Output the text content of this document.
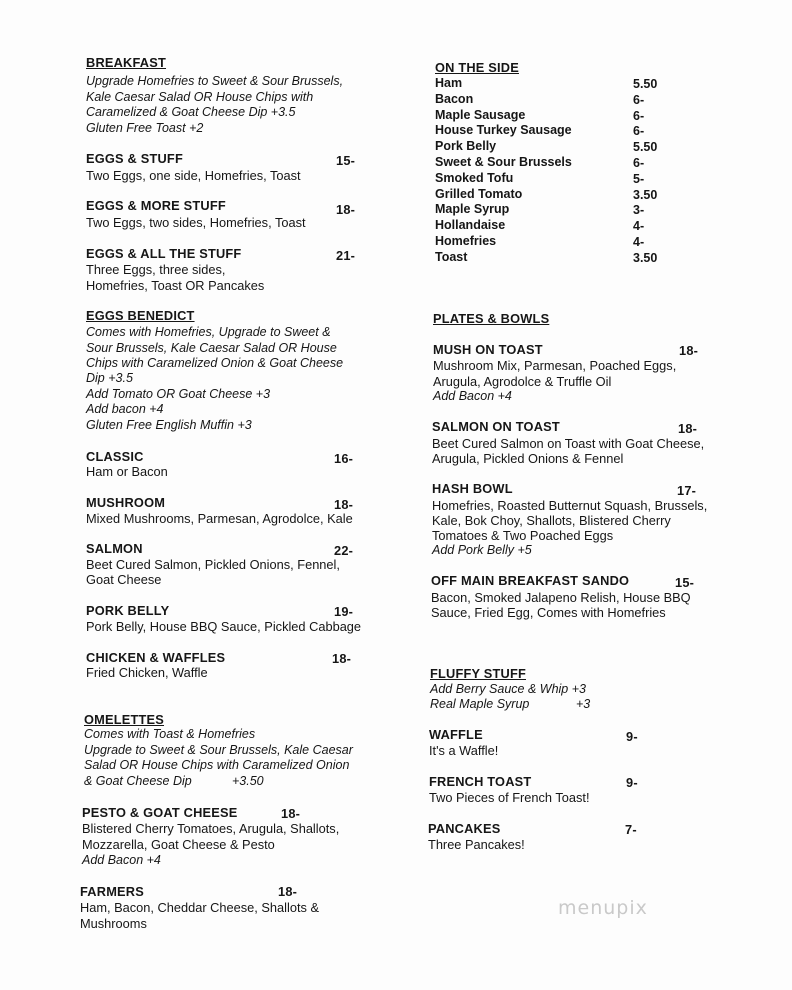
BREAKFAST
Upgrade Homefries to Sweet & Sour Brussels,
Kale Caesar Salad OR House Chips with
Caramelized & Goat Cheese Dip +3.5
Gluten Free Toast +2
EGGS & STUFF	15-
Two Eggs, one side, Homefries, Toast
EGGS & MORE STUFF	18-
Two Eggs, two sides, Homefries, Toast
EGGS & ALL THE STUFF	21-
Three Eggs, three sides,
Homefries, Toast OR Pancakes
EGGS BENEDICT
Comes with Homefries, Upgrade to Sweet &
Sour Brussels, Kale Caesar Salad OR House
Chips with Caramelized Onion & Goat Cheese
Dip +3.5
Add Tomato OR Goat Cheese +3
Add bacon +4
Gluten Free English Muffin +3
CLASSIC	16-
Ham or Bacon
MUSHROOM	18-
Mixed Mushrooms, Parmesan, Agrodolce, Kale
SALMON	22-
Beet Cured Salmon, Pickled Onions, Fennel,
Goat Cheese
PORK BELLY	19-
Pork Belly, House BBQ Sauce, Pickled Cabbage
CHICKEN & WAFFLES	18-
Fried Chicken, Waffle
OMELETTES
Comes with Toast & Homefries
Upgrade to Sweet & Sour Brussels, Kale Caesar
Salad OR House Chips with Caramelized Onion
& Goat Cheese Dip	+3.50
PESTO & GOAT CHEESE	18-
Blistered Cherry Tomatoes, Arugula, Shallots,
Mozzarella, Goat Cheese & Pesto
Add Bacon +4
FARMERS	18-
Ham, Bacon, Cheddar Cheese, Shallots &
Mushrooms
ON THE SIDE
Ham	5.50
Bacon	6-
Maple Sausage	6-
House Turkey Sausage	6-
Pork Belly	5.50
Sweet & Sour Brussels	6-
Smoked Tofu	5-
Grilled Tomato	3.50
Maple Syrup	3-
Hollandaise	4-
Homefries	4-
Toast	3.50
PLATES & BOWLS
MUSH ON TOAST	18-
Mushroom Mix, Parmesan, Poached Eggs,
Arugula, Agrodolce & Truffle Oil
Add Bacon +4
SALMON ON TOAST	18-
Beet Cured Salmon on Toast with Goat Cheese,
Arugula, Pickled Onions & Fennel
HASH BOWL	17-
Homefries, Roasted Butternut Squash, Brussels,
Kale, Bok Choy, Shallots, Blistered Cherry
Tomatoes & Two Poached Eggs
Add Pork Belly +5
OFF MAIN BREAKFAST SANDO	15-
Bacon, Smoked Jalapeno Relish, House BBQ
Sauce, Fried Egg, Comes with Homefries
FLUFFY STUFF
Add Berry Sauce & Whip +3
Real Maple Syrup	+3
WAFFLE	9-
It's a Waffle!
FRENCH TOAST	9-
Two Pieces of French Toast!
PANCAKES	7-
Three Pancakes!
menupix
